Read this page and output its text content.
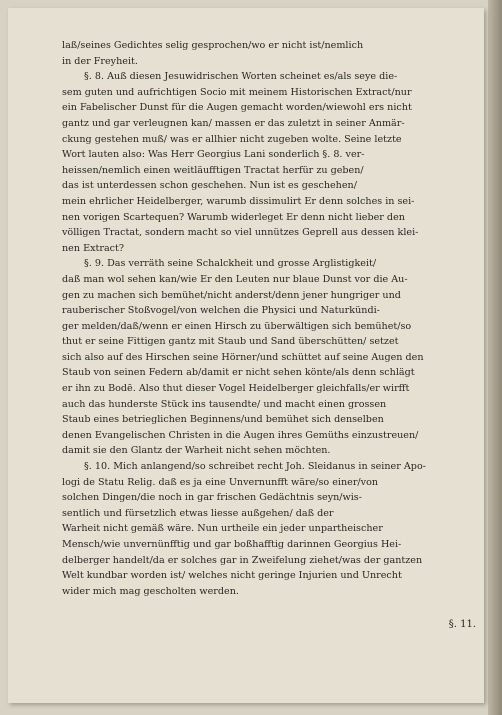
laß/seines Gedichtes selig gesprochen/wo er nicht ist/nemlich
in der Freyheit.
§. 8. Auß diesen Jesuwidrischen Worten scheinet es/als seye die-
sem guten und aufrichtigen Socio mit meinem Historischen Extract/nur
ein Fabelischer Dunst für die Augen gemacht worden/wiewohl ers nicht
gantz und gar verleugnen kan/ massen er das zuletzt in seiner Anmär-
ckung gestehen muß/ was er allhier nicht zugeben wolte. Seine letzte
Wort lauten also: Was Herr Georgius Lani sonderlich §. 8. ver-
heissen/nemlich einen weitläufftigen Tractat herfür zu geben/
das ist unterdessen schon geschehen. Nun ist es geschehen/
mein ehrlicher Heidelberger, warumb dissimulirt Er denn solches in sei-
nen vorigen Scartequen? Warumb widerleget Er denn nicht lieber den
völligen Tractat, sondern macht so viel unnützes Geprell aus dessen klei-
nen Extract?
§. 9. Das verräth seine Schalckheit und grosse Arglistigkeit/
daß man wol sehen kan/wie Er den Leuten nur blaue Dunst vor die Au-
gen zu machen sich bemühet/nicht anderst/denn jener hungriger und
rauberischer Stoßvogel/von welchen die Physici und Naturkündi-
ger melden/daß/wenn er einen Hirsch zu überwältigen sich bemühet/so
thut er seine Fittigen gantz mit Staub und Sand überschütten/ setzet
sich also auf des Hirschen seine Hörner/und schüttet auf seine Augen den
Staub von seinen Federn ab/damit er nicht sehen könte/als denn schlägt
er ihn zu Bodē. Also thut dieser Vogel Heidelberger gleichfalls/er wirfft
auch das hunderste Stück ins tausendte/ und macht einen grossen
Staub eines betrieglichen Beginnens/und bemühet sich denselben
denen Evangelischen Christen in die Augen ihres Gemüths einzustreuen/
damit sie den Glantz der Warheit nicht sehen möchten.
§. 10. Mich anlangend/so schreibet recht Joh. Sleidanus in seiner Apo-
logi de Statu Relig. daß es ja eine Unvernunfft wäre/so einer/von
solchen Dingen/die noch in gar frischen Gedächtnis seyn/wis-
sentlich und fürsetzlich etwas liesse außgehen/ daß der
Warheit nicht gemäß wäre. Nun urtheile ein jeder unpartheischer
Mensch/wie unvernünfftig und gar boßhafftig darinnen Georgius Hei-
delberger handelt/da er solches gar in Zweifelung ziehet/was der gantzen
Welt kundbar worden ist/ welches nicht geringe Injurien und Unrecht
wider mich mag gescholten werden.
§. 11.
